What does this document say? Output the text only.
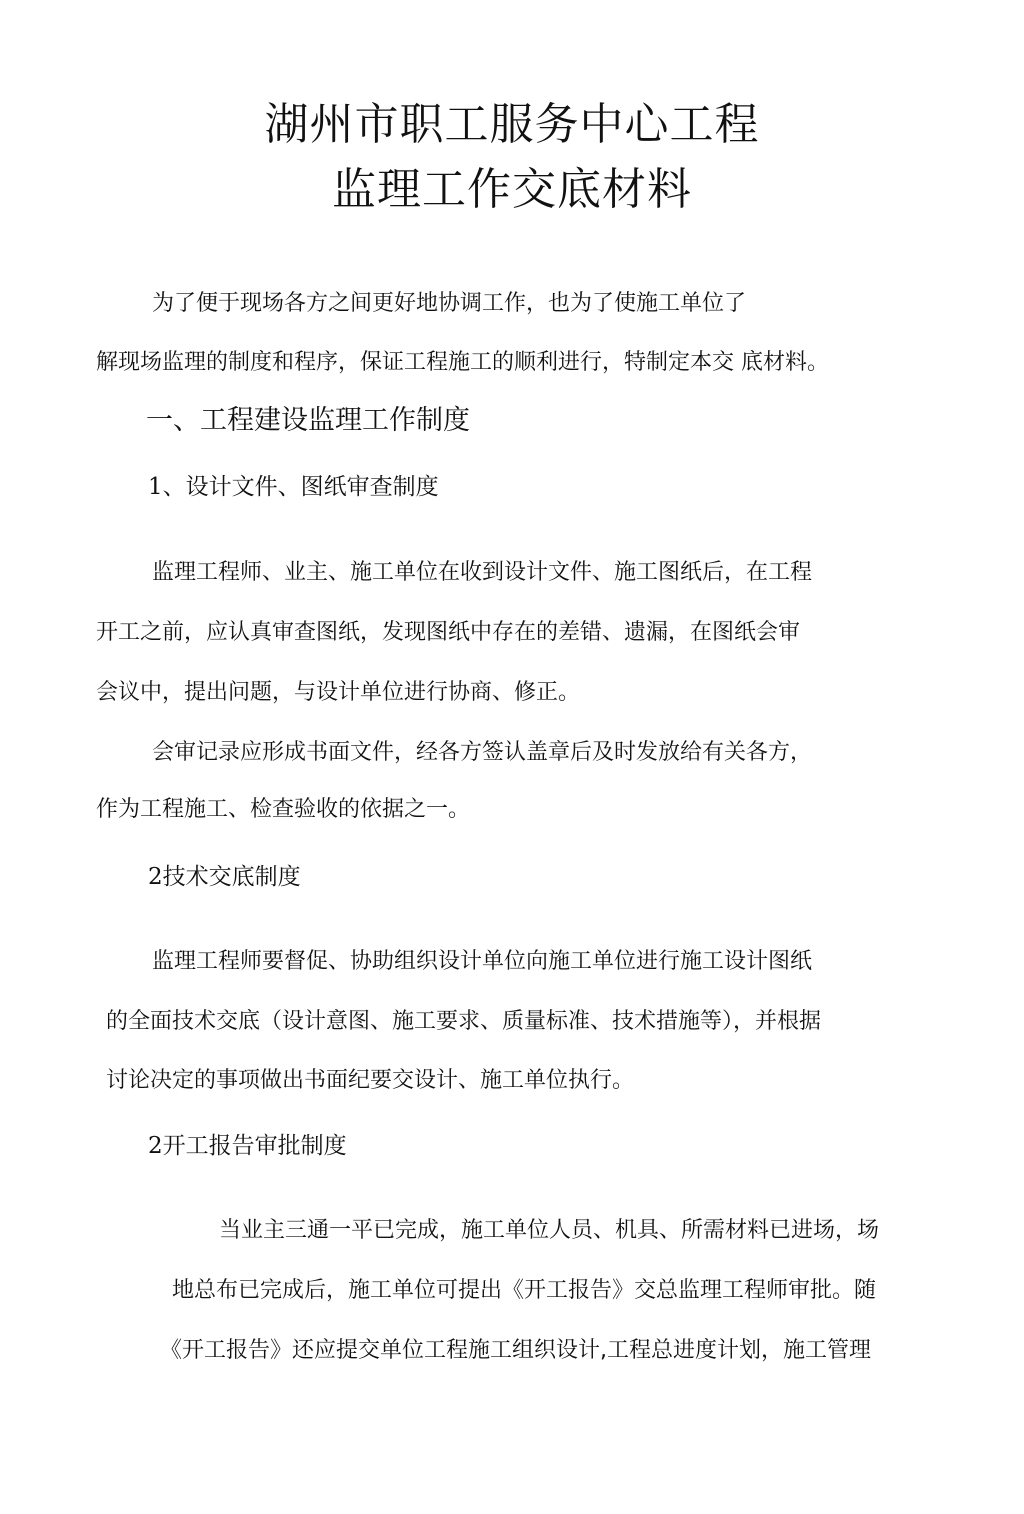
湖州市职工服务中心工程
监理工作交底材料
为了便于现场各方之间更好地协调工作，也为了使施工单位了
解现场监理的制度和程序，保证工程施工的顺利进行，特制定本交 底材料。
一、工程建设监理工作制度
1、设计文件、图纸审查制度
监理工程师、业主、施工单位在收到设计文件、施工图纸后，在工程
开工之前，应认真审查图纸，发现图纸中存在的差错、遗漏，在图纸会审
会议中，提出问题，与设计单位进行协商、修正。
会审记录应形成书面文件，经各方签认盖章后及时发放给有关各方，
作为工程施工、检查验收的依据之一。
2技术交底制度
监理工程师要督促、协助组织设计单位向施工单位进行施工设计图纸
的全面技术交底（设计意图、施工要求、质量标准、技术措施等），并根据
讨论决定的事项做出书面纪要交设计、施工单位执行。
2开工报告审批制度
当业主三通一平已完成，施工单位人员、机具、所需材料已进场，场
地总布已完成后，施工单位可提出《开工报告》交总监理工程师审批。随
《开工报告》还应提交单位工程施工组织设计,工程总进度计划，施工管理
